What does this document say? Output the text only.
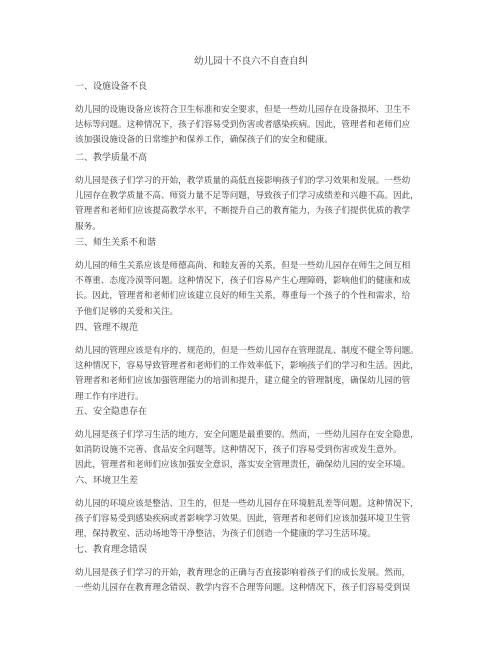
幼儿园十不良六不自查自纠

一、设施设备不良

幼儿园的设施设备应该符合卫生标准和安全要求，但是一些幼儿园存在设备损坏、卫生不
达标等问题。这种情况下，孩子们容易受到伤害或者感染疾病。因此，管理者和老师们应
该加强设施设备的日常维护和保养工作，确保孩子们的安全和健康。

二、教学质量不高

幼儿园是孩子们学习的开始，教学质量的高低直接影响孩子们的学习效果和发展。一些幼
儿园存在教学质量不高、师资力量不足等问题，导致孩子们学习成绩差和兴趣不高。因此，
管理者和老师们应该提高教学水平，不断提升自己的教育能力，为孩子们提供优质的教学
服务。

三、师生关系不和谐

幼儿园的师生关系应该是师德高尚、和睦友善的关系，但是一些幼儿园存在师生之间互相
不尊重、态度冷漠等问题。这种情况下，孩子们容易产生心理障碍，影响他们的健康和成
长。因此，管理者和老师们应该建立良好的师生关系，尊重每一个孩子的个性和需求，给
予他们足够的关爱和关注。

四、管理不规范

幼儿园的管理应该是有序的、规范的，但是一些幼儿园存在管理混乱、制度不健全等问题。
这种情况下，容易导致管理者和老师们的工作效率低下，影响孩子们的学习和生活。因此，
管理者和老师们应该加强管理能力的培训和提升，建立健全的管理制度，确保幼儿园的管
理工作有序进行。

五、安全隐患存在

幼儿园是孩子们学习生活的地方，安全问题是最重要的。然而，一些幼儿园存在安全隐患，
如消防设施不完善、食品安全问题等。这种情况下，孩子们容易受到伤害或发生意外。
因此，管理者和老师们应该加强安全意识，落实安全管理责任，确保幼儿园的安全环境。

六、环境卫生差

幼儿园的环境应该是整洁、卫生的，但是一些幼儿园存在环境脏乱差等问题。这种情况下，
孩子们容易受到感染疾病或者影响学习效果。因此，管理者和老师们应该加强环境卫生管
理，保持教室、活动场地等干净整洁，为孩子们创造一个健康的学习生活环境。

七、教育理念错误

幼儿园是孩子们学习的开始，教育理念的正确与否直接影响着孩子们的成长发展。然而，
一些幼儿园存在教育理念错误、教学内容不合理等问题。这种情况下，孩子们容易受到误
